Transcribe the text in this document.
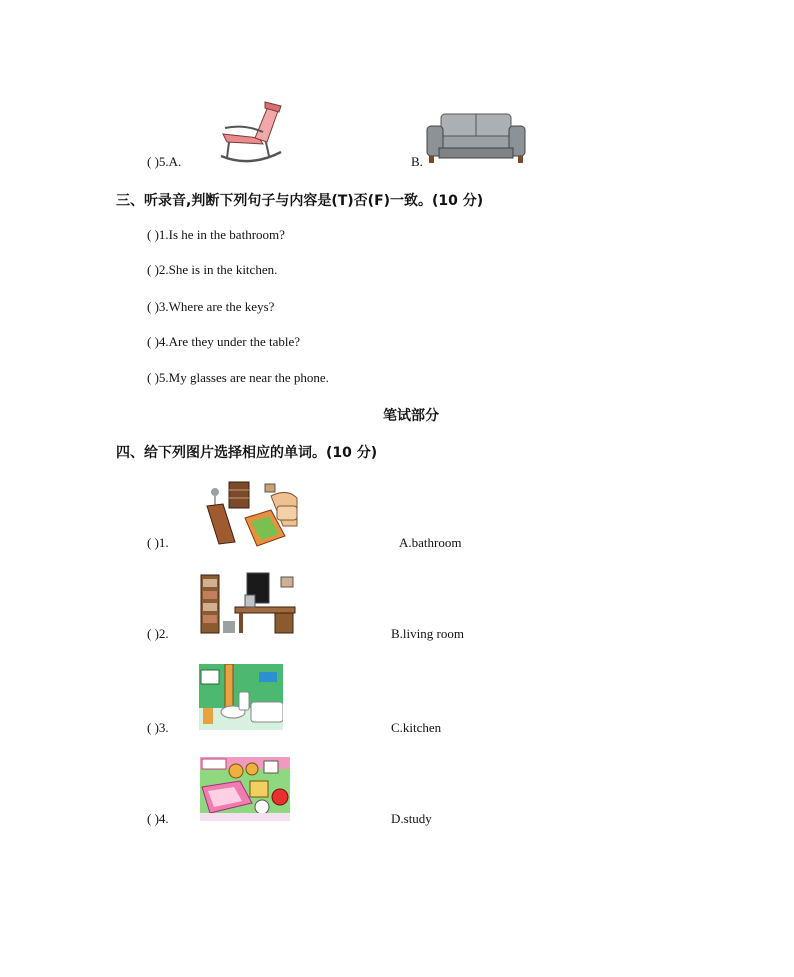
( )5.A.	B.
三、听录音,判断下列句子与内容是(T)否(F)一致。(10 分)
( )1.Is he in the bathroom?
( )2.She is in the kitchen.
( )3.Where are the keys?
( )4.Are they under the table?
( )5.My glasses are near the phone.
笔试部分
四、给下列图片选择相应的单词。(10 分)
( )1.	A.bathroom
( )2.	B.living room
( )3.	C.kitchen
( )4.	D.study
